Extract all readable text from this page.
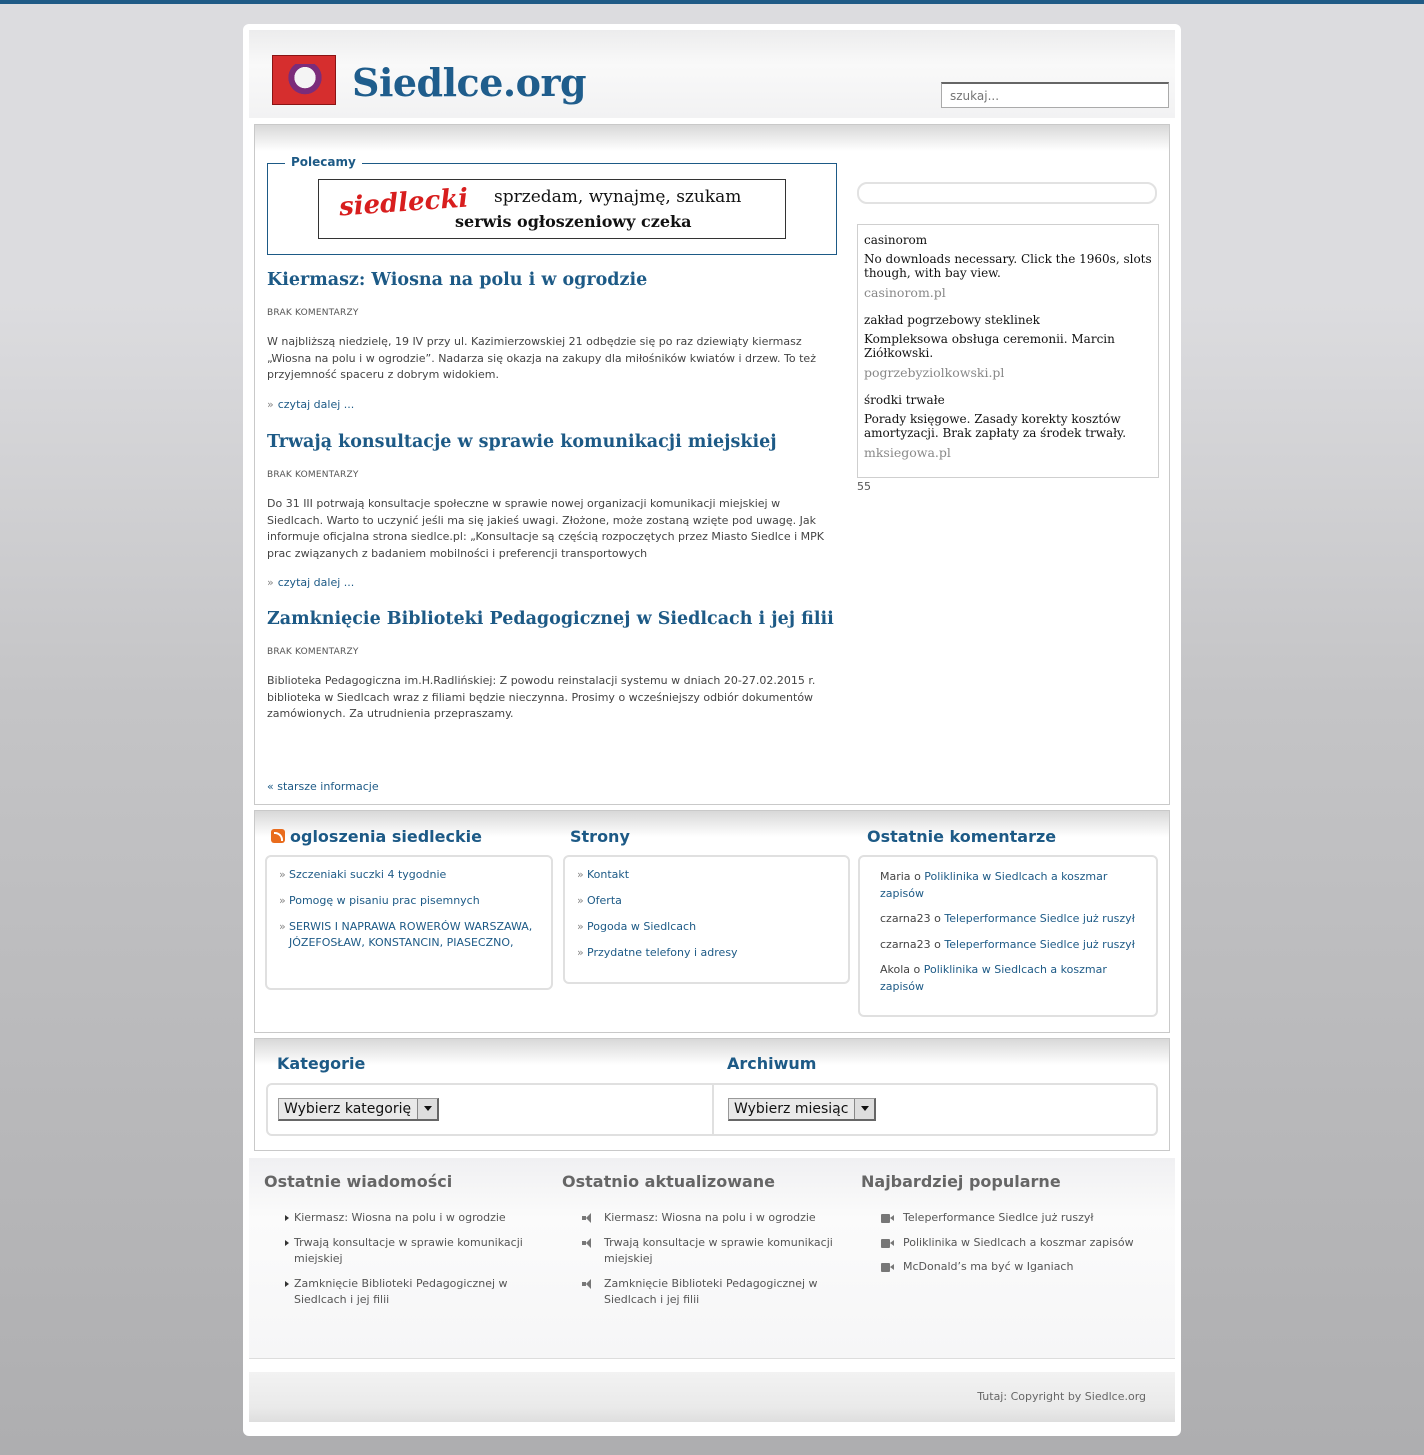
Siedlce.org
szukaj...
Polecamy
siedlecki sprzedam, wynajmę, szukam
serwis ogłoszeniowy czeka
Kiermasz: Wiosna na polu i w ogrodzie
BRAK KOMENTARZY
W najbliższą niedzielę, 19 IV przy ul. Kazimierzowskiej 21 odbędzie się po raz dziewiąty kiermasz „Wiosna na polu i w ogrodzie”. Nadarza się okazja na zakupy dla miłośników kwiatów i drzew. To też przyjemność spaceru z dobrym widokiem.
» czytaj dalej ...
Trwają konsultacje w sprawie komunikacji miejskiej
BRAK KOMENTARZY
Do 31 III potrwają konsultacje społeczne w sprawie nowej organizacji komunikacji miejskiej w Siedlcach. Warto to uczynić jeśli ma się jakieś uwagi. Złożone, może zostaną wzięte pod uwagę. Jak informuje oficjalna strona siedlce.pl: „Konsultacje są częścią rozpoczętych przez Miasto Siedlce i MPK prac związanych z badaniem mobilności i preferencji transportowych
» czytaj dalej ...
Zamknięcie Biblioteki Pedagogicznej w Siedlcach i jej filii
BRAK KOMENTARZY
Biblioteka Pedagogiczna im.H.Radlińskiej: Z powodu reinstalacji systemu w dniach 20-27.02.2015 r. biblioteka w Siedlcach wraz z filiami będzie nieczynna. Prosimy o wcześniejszy odbiór dokumentów zamówionych. Za utrudnienia przepraszamy.
« starsze informacje
casinorom
No downloads necessary. Click the 1960s, slots though, with bay view.
casinorom.pl
zakład pogrzebowy steklinek
Kompleksowa obsługa ceremonii. Marcin Ziółkowski.
pogrzebyziolkowski.pl
środki trwałe
Porady księgowe. Zasady korekty kosztów amortyzacji. Brak zapłaty za środek trwały.
mksiegowa.pl
55
ogloszenia siedleckie
» Szczeniaki suczki 4 tygodnie
» Pomogę w pisaniu prac pisemnych
» SERWIS I NAPRAWA ROWERÓW WARSZAWA, JÓZEFOSŁAW, KONSTANCIN, PIASECZNO,
Strony
» Kontakt
» Oferta
» Pogoda w Siedlcach
» Przydatne telefony i adresy
Ostatnie komentarze
Maria o Poliklinika w Siedlcach a koszmar zapisów
czarna23 o Teleperformance Siedlce już ruszył
czarna23 o Teleperformance Siedlce już ruszył
Akola o Poliklinika w Siedlcach a koszmar zapisów
Kategorie	Archiwum
Wybierz kategorię	Wybierz miesiąc
Ostatnie wiadomości
Kiermasz: Wiosna na polu i w ogrodzie
Trwają konsultacje w sprawie komunikacji miejskiej
Zamknięcie Biblioteki Pedagogicznej w Siedlcach i jej filii
Ostatnio aktualizowane
Kiermasz: Wiosna na polu i w ogrodzie
Trwają konsultacje w sprawie komunikacji miejskiej
Zamknięcie Biblioteki Pedagogicznej w Siedlcach i jej filii
Najbardziej popularne
Teleperformance Siedlce już ruszył
Poliklinika w Siedlcach a koszmar zapisów
McDonald’s ma być w Iganiach
Tutaj: Copyright by Siedlce.org
